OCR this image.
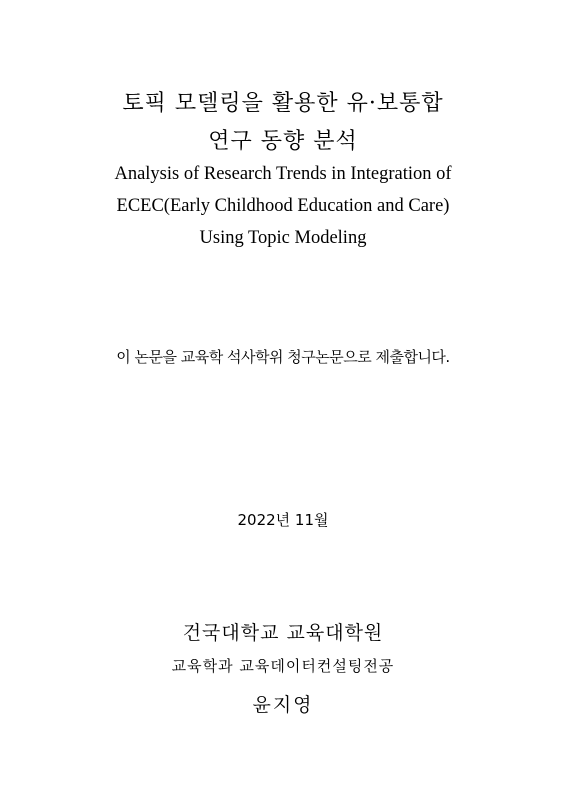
토픽 모델링을 활용한 유·보통합
연구 동향 분석
Analysis of Research Trends in Integration of
ECEC(Early Childhood Education and Care)
Using Topic Modeling
이 논문을 교육학 석사학위 청구논문으로 제출합니다.
2022년 11월
건국대학교 교육대학원
교육학과 교육데이터컨설팅전공
윤지영
